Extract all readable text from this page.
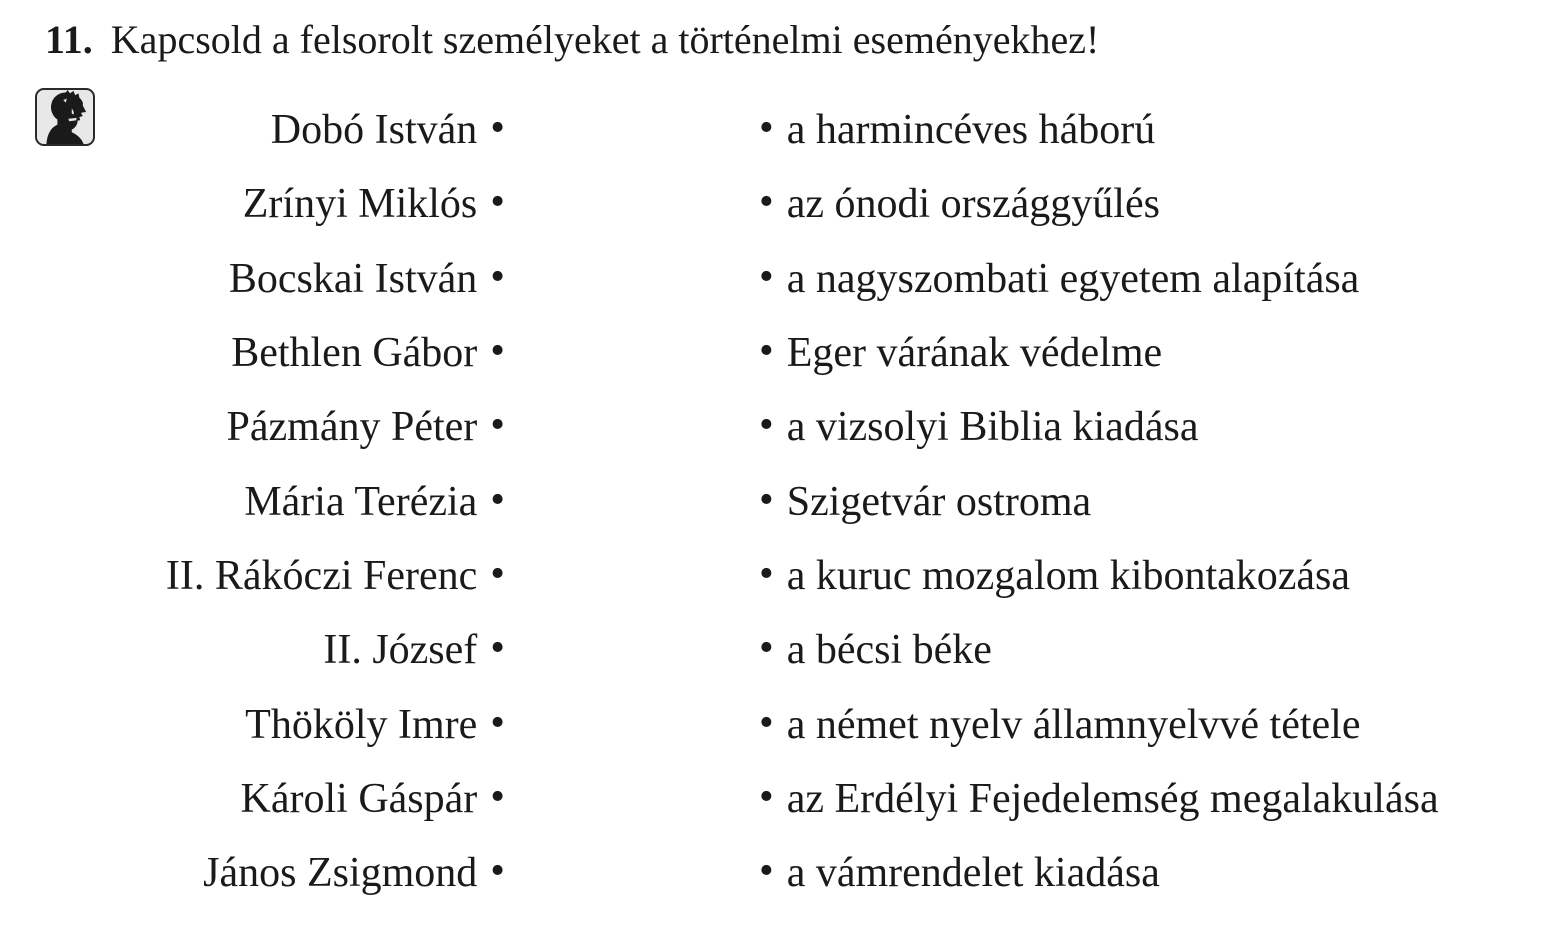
11. Kapcsold a felsorolt személyeket a történelmi eseményekhez!
Dobó István •	• a harmincéves háború
Zrínyi Miklós •	• az ónodi országgyűlés
Bocskai István •	• a nagyszombati egyetem alapítása
Bethlen Gábor •	• Eger várának védelme
Pázmány Péter •	• a vizsolyi Biblia kiadása
Mária Terézia •	• Szigetvár ostroma
II. Rákóczi Ferenc •	• a kuruc mozgalom kibontakozása
II. József •	• a bécsi béke
Thököly Imre •	• a német nyelv államnyelvvé tétele
Károli Gáspár •	• az Erdélyi Fejedelemség megalakulása
János Zsigmond •	• a vámrendelet kiadása
